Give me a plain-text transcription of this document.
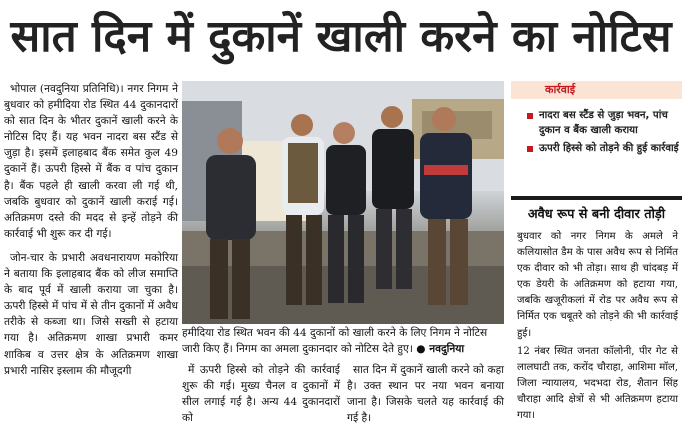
सात दिन में दुकानें खाली करने का नोटिस

भोपाल (नवदुनिया प्रतिनिधि)। नगर निगम ने बुधवार को हमीदिया रोड स्थित 44 दुकानदारों को सात दिन के भीतर दुकानें खाली करने के नोटिस दिए हैं। यह भवन नादरा बस स्टैंड से जुड़ा है। इसमें इलाहबाद बैंक समेत कुल 49 दुकानें हैं। ऊपरी हिस्से में बैंक व पांच दुकान है। बैंक पहले ही खाली करवा ली गई थी, जबकि बुधवार को दुकानें खाली कराई गई। अतिक्रमण दस्ते की मदद से इन्हें तोड़ने की कार्रवाई भी शुरू कर दी गई।

जोन-चार के प्रभारी अवधनारायण मकोरिया ने बताया कि इलाहबाद बैंक को लीज समाप्ति के बाद पूर्व में खाली कराया जा चुका है। ऊपरी हिस्से में पांच में से तीन दुकानों में अवैध तरीके से कब्जा था। जिसे सख्ती से हटाया गया है। अतिक्रमण शाखा प्रभारी कमर शाकिब व उत्तर क्षेत्र के अतिक्रमण शाखा प्रभारी नासिर इस्लाम की मौजूदगी

हमीदिया रोड स्थित भवन की 44 दुकानों को खाली करने के लिए निगम ने नोटिस जारी किए हैं। निगम का अमला दुकानदार को नोटिस देते हुए। ● नवदुनिया

में ऊपरी हिस्से को तोड़ने की कार्रवाई शुरू की गई। मुख्य चैनल व दुकानों में सील लगाई गई है। अन्य 44 दुकानदारों को

सात दिन में दुकानें खाली करने को कहा है। उक्त स्थान पर नया भवन बनाया जाना है। जिसके चलते यह कार्रवाई की गई है।

कार्रवाई
नादरा बस स्टैंड से जुड़ा भवन, पांच दुकान व बैंक खाली कराया
ऊपरी हिस्से को तोड़ने की हुई कार्रवाई
अवैध रूप से बनी दीवार तोड़ी

बुधवार को नगर निगम के अमले ने कलियासोत डैम के पास अवैध रूप से निर्मित एक दीवार को भी तोड़ा। साथ ही चांदबड़ में एक डेयरी के अतिक्रमण को हटाया गया, जबकि खजूरीकलां में रोड पर अवैध रूप से निर्मित एक चबूतरे को तोड़ने की भी कार्रवाई हुई।

12 नंबर स्थित जनता कॉलोनी, पीर गेट से लालघाटी तक, करोंद चौराहा, आशिमा मॉल, जिला न्यायालय, भदभदा रोड, शैतान सिंह चौराहा आदि क्षेत्रों से भी अतिक्रमण हटाया गया।
